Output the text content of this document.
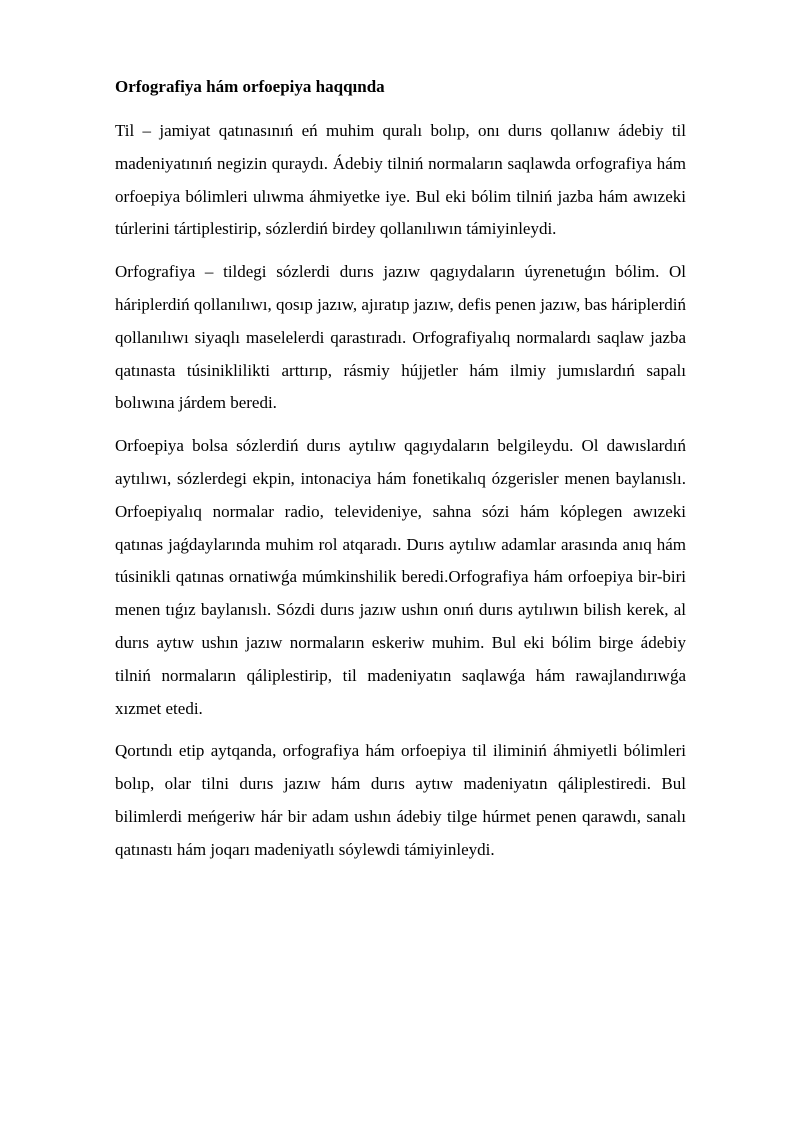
Orfografiya hám orfoepiya haqqında

Til – jamiyat qatınasınıń eń muhim quralı bolıp, onı durıs qollanıw ádebiy til madeniyatınıń negizin quraydı. Ádebiy tilniń normaların saqlawda orfografiya hám orfoepiya bólimleri ulıwma áhmiyetke iye. Bul eki bólim tilniń jazba hám awızeki túrlerini tártiplestirip, sózlerdiń birdey qollanılıwın támiyinleydi.

Orfografiya – tildegi sózlerdi durıs jazıw qagıydaların úyrenetuǵın bólim. Ol háriplerdiń qollanılıwı, qosıp jazıw, ajıratıp jazıw, defis penen jazıw, bas háriplerdiń qollanılıwı siyaqlı maselelerdi qarastıradı. Orfografiyalıq normalardı saqlaw jazba qatınasta túsiniklilikti arttırıp, rásmiy hújjetler hám ilmiy jumıslardıń sapalı bolıwına járdem beredi.

Orfoepiya bolsa sózlerdiń durıs aytılıw qagıydaların belgileydu. Ol dawıslardıń aytılıwı, sózlerdegi ekpin, intonaciya hám fonetikalıq ózgerisler menen baylanıslı. Orfoepiyalıq normalar radio, televideniye, sahna sózi hám kóplegen awızeki qatınas jaǵdaylarında muhim rol atqaradı. Durıs aytılıw adamlar arasında anıq hám túsinikli qatınas ornatiwǵa múmkinshilik beredi.Orfografiya hám orfoepiya bir-biri menen tıǵız baylanıslı. Sózdi durıs jazıw ushın onıń durıs aytılıwın bilish kerek, al durıs aytıw ushın jazıw normaların eskeriw muhim. Bul eki bólim birge ádebiy tilniń normaların qáliplestirip, til madeniyatın saqlawǵa hám rawajlandırıwǵa xızmet etedi.

Qortındı etip aytqanda, orfografiya hám orfoepiya til iliminiń áhmiyetli bólimleri bolıp, olar tilni durıs jazıw hám durıs aytıw madeniyatın qáliplestiredi. Bul bilimlerdi meńgeriw hár bir adam ushın ádebiy tilge húrmet penen qarawdı, sanalı qatınastı hám joqarı madeniyatlı sóylewdi támiyinleydi.
